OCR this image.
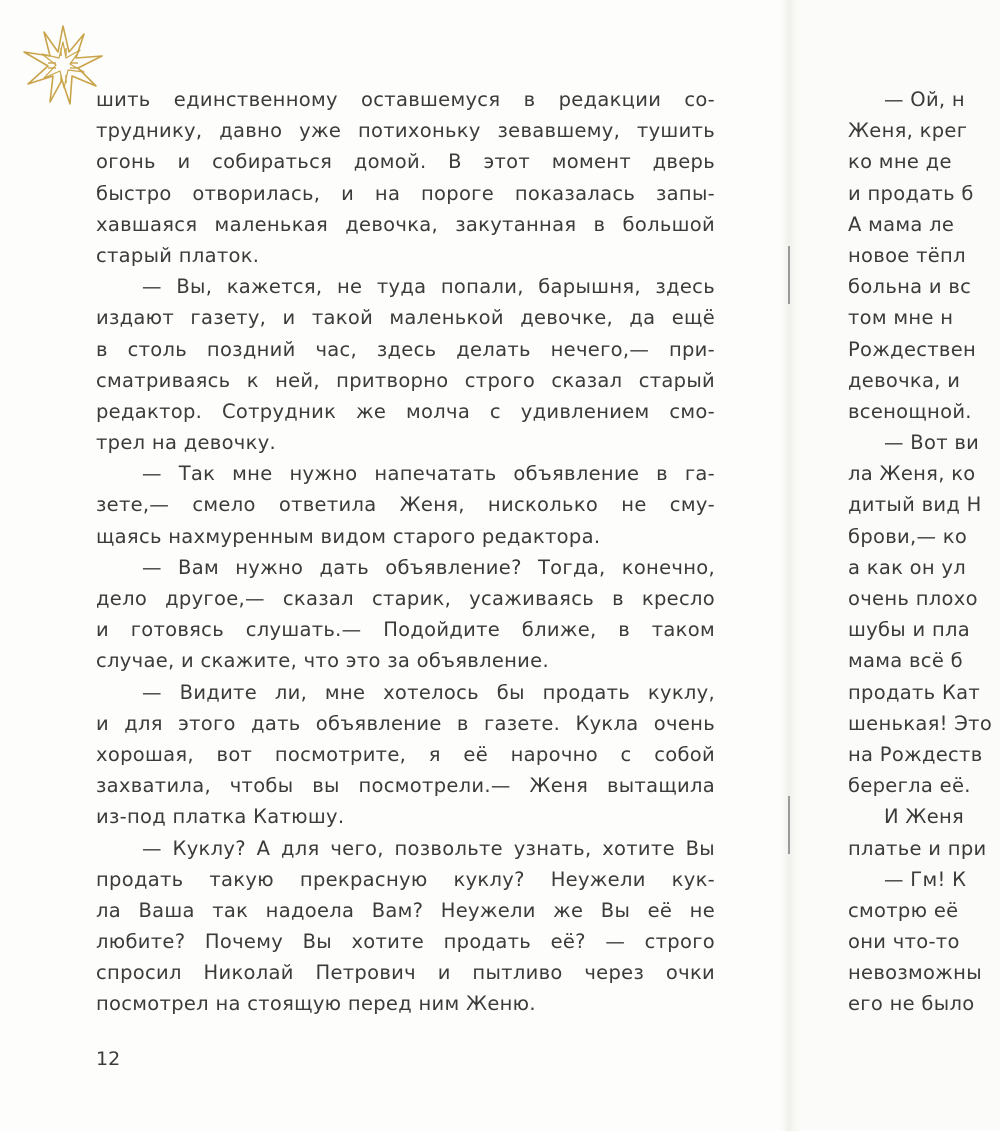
шить единственному оставшемуся в редакции со-
труднику, давно уже потихоньку зевавшему, тушить
огонь и собираться домой. В этот момент дверь
быстро отворилась, и на пороге показалась запы-
хавшаяся маленькая девочка, закутанная в большой
старый платок.
— Вы, кажется, не туда попали, барышня, здесь
издают газету, и такой маленькой девочке, да ещё
в столь поздний час, здесь делать нечего,— при-
сматриваясь к ней, притворно строго сказал старый
редактор. Сотрудник же молча с удивлением смо-
трел на девочку.
— Так мне нужно напечатать объявление в га-
зете,— смело ответила Женя, нисколько не сму-
щаясь нахмуренным видом старого редактора.
— Вам нужно дать объявление? Тогда, конечно,
дело другое,— сказал старик, усаживаясь в кресло
и готовясь слушать.— Подойдите ближе, в таком
случае, и скажите, что это за объявление.
— Видите ли, мне хотелось бы продать куклу,
и для этого дать объявление в газете. Кукла очень
хорошая, вот посмотрите, я её нарочно с собой
захватила, чтобы вы посмотрели.— Женя вытащила
из-под платка Катюшу.
— Куклу? А для чего, позвольте узнать, хотите Вы
продать такую прекрасную куклу? Неужели кук-
ла Ваша так надоела Вам? Неужели же Вы её не
любите? Почему Вы хотите продать её? — строго
спросил Николай Петрович и пытливо через очки
посмотрел на стоящую перед ним Женю.
12
— Ой, н
Женя, крег
ко мне де
и продать б
А мама ле
новое тёпл
больна и вс
том мне н
Рождествен
девочка, и
всенощной.
— Вот ви
ла Женя, ко
дитый вид Н
брови,— ко
а как он ул
очень плохо
шубы и пла
мама всё б
продать Кат
шенькая! Это
на Рождеств
берегла её.
И Женя
платье и при
— Гм! К
смотрю её
они что-то
невозможны
его не было
